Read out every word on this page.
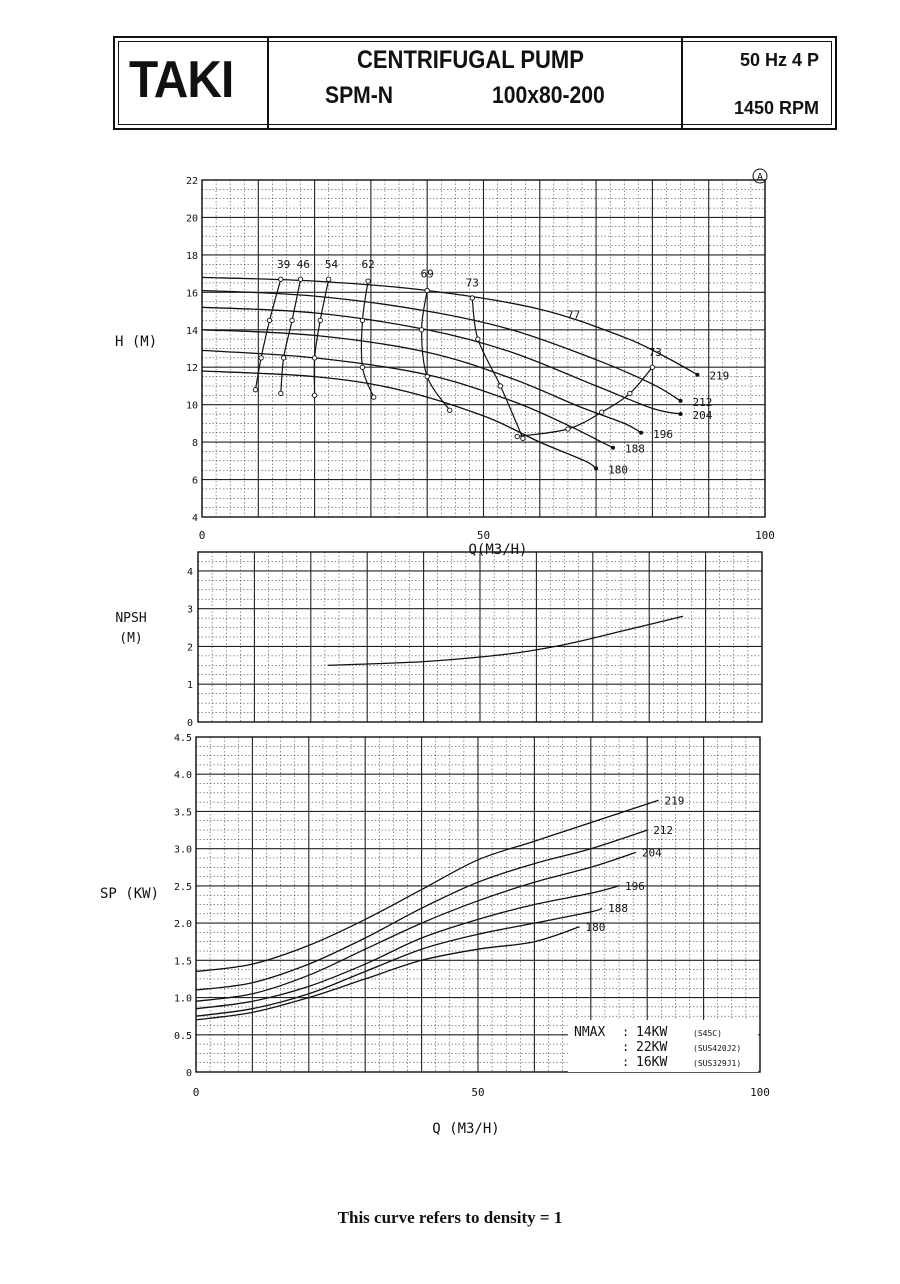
TAKI	CENTRIFUGAL PUMP
SPM-N	100x80-200
50 Hz 4 P
1450 RPM
4
6
8
10
12
14
16
18
20
22
0	50	100
H (M)
Q(M3/H)
A
219
212
204
196
188
180
39 46 54 62
69
73
77
73
0
1
2
3
4
NPSH
(M)
0
0.5
1.0
1.5
2.0
2.5
3.0
3.5
4.0
4.5
0	50	100
SP (KW)
Q (M3/H)
219
212
204
196
188
180
NMAX : 14KW	(S45C)
: 22KW	(SUS420J2)
: 16KW	(SUS329J1)
This curve refers to density = 1
